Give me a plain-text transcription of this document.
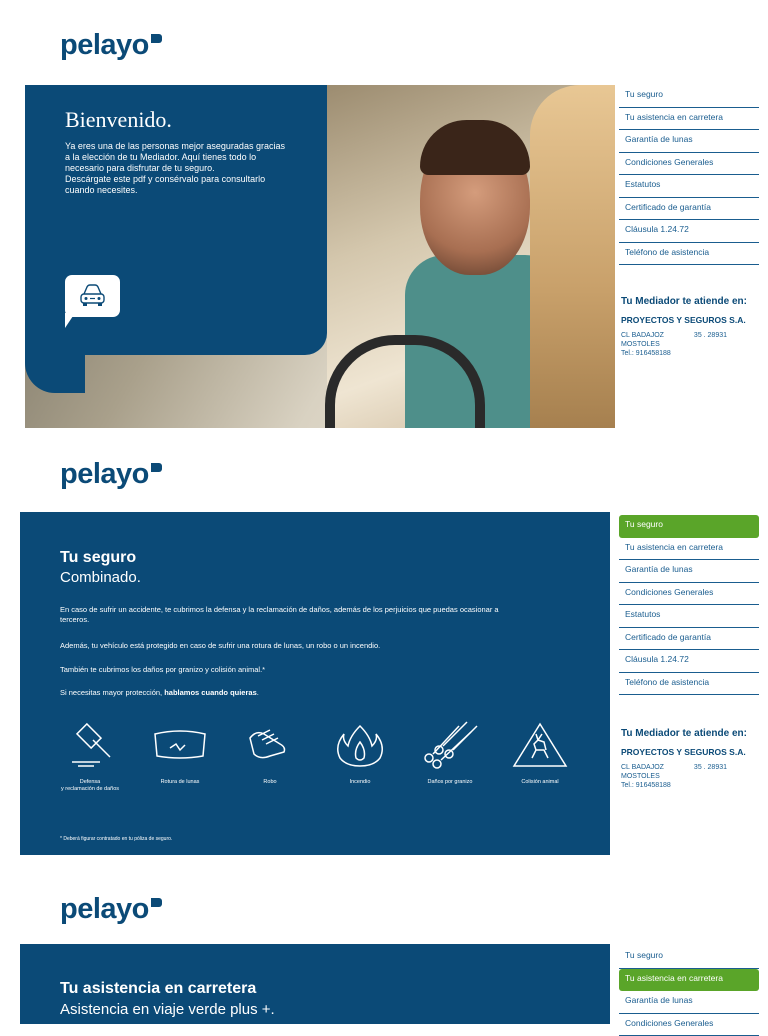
pelayo
Bienvenido.
Ya eres una de las personas mejor aseguradas gracias a la elección de tu Mediador. Aquí tienes todo lo necesario para disfrutar de tu seguro.
Descárgate este pdf y consérvalo para consultarlo cuando necesites.
Tu seguro
Tu asistencia en carretera
Garantía de lunas
Condiciones Generales
Estatutos
Certificado de garantía
Cláusula 1.24.72
Teléfono de asistencia
Tu Mediador te atiende en:
PROYECTOS Y SEGUROS S.A.
CL BADAJOZ	35 . 28931
MOSTOLES
Tel.: 916458188
pelayo
Tu seguro
Combinado.
En caso de sufrir un accidente, te cubrimos la defensa y la reclamación de daños, además de los perjuicios que puedas ocasionar a terceros.
Además, tu vehículo está protegido en caso de sufrir una rotura de lunas, un robo o un incendio.
También te cubrimos los daños por granizo y colisión animal.*
Si necesitas mayor protección, hablamos cuando quieras.
Defensa
y reclamación de daños
Rotura de lunas	Robo	Incendio	Daños por granizo	Colisión animal
* Deberá figurar contratado en tu póliza de seguro.
Tu seguro
Tu asistencia en carretera
Garantía de lunas
Condiciones Generales
Estatutos
Certificado de garantía
Cláusula 1.24.72
Teléfono de asistencia
Tu Mediador te atiende en:
PROYECTOS Y SEGUROS S.A.
CL BADAJOZ	35 . 28931
MOSTOLES
Tel.: 916458188
pelayo
Tu asistencia en carretera
Asistencia en viaje verde plus +.
Tu seguro
Tu asistencia en carretera
Garantía de lunas
Condiciones Generales
